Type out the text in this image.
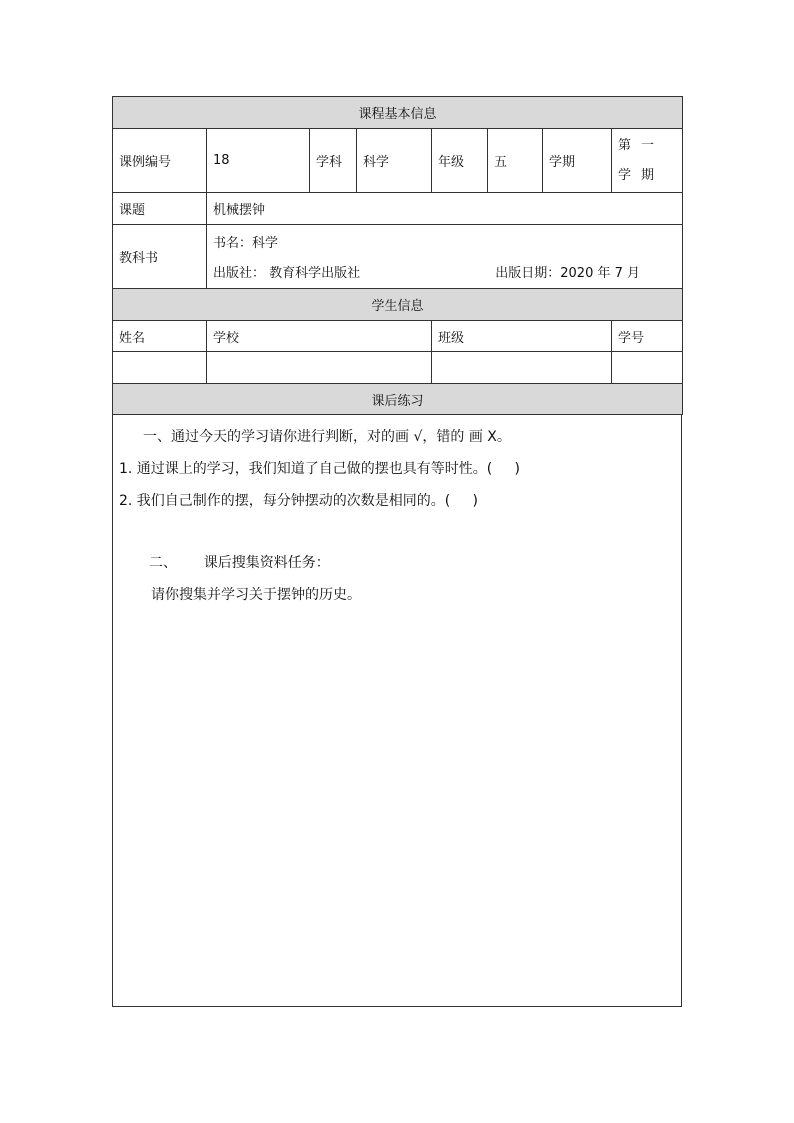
课程基本信息							
课例编号	18	学科	科学	年级	五	学期	第一学期
课题	机械摆钟						
教科书	书名：科学
出版社： 教育科学出版社 出版日期：2020 年 7 月						

学生信息							
姓名	学校			班级			学号

课后练习							

一、通过今天的学习请你进行判断，对的画 √，错的 画 X。

1. 通过课上的学习，我们知道了自己做的摆也具有等时性。(     )

2. 我们自己制作的摆，每分钟摆动的次数是相同的。(     )

二、      课后搜集资料任务：

请你搜集并学习关于摆钟的历史。
